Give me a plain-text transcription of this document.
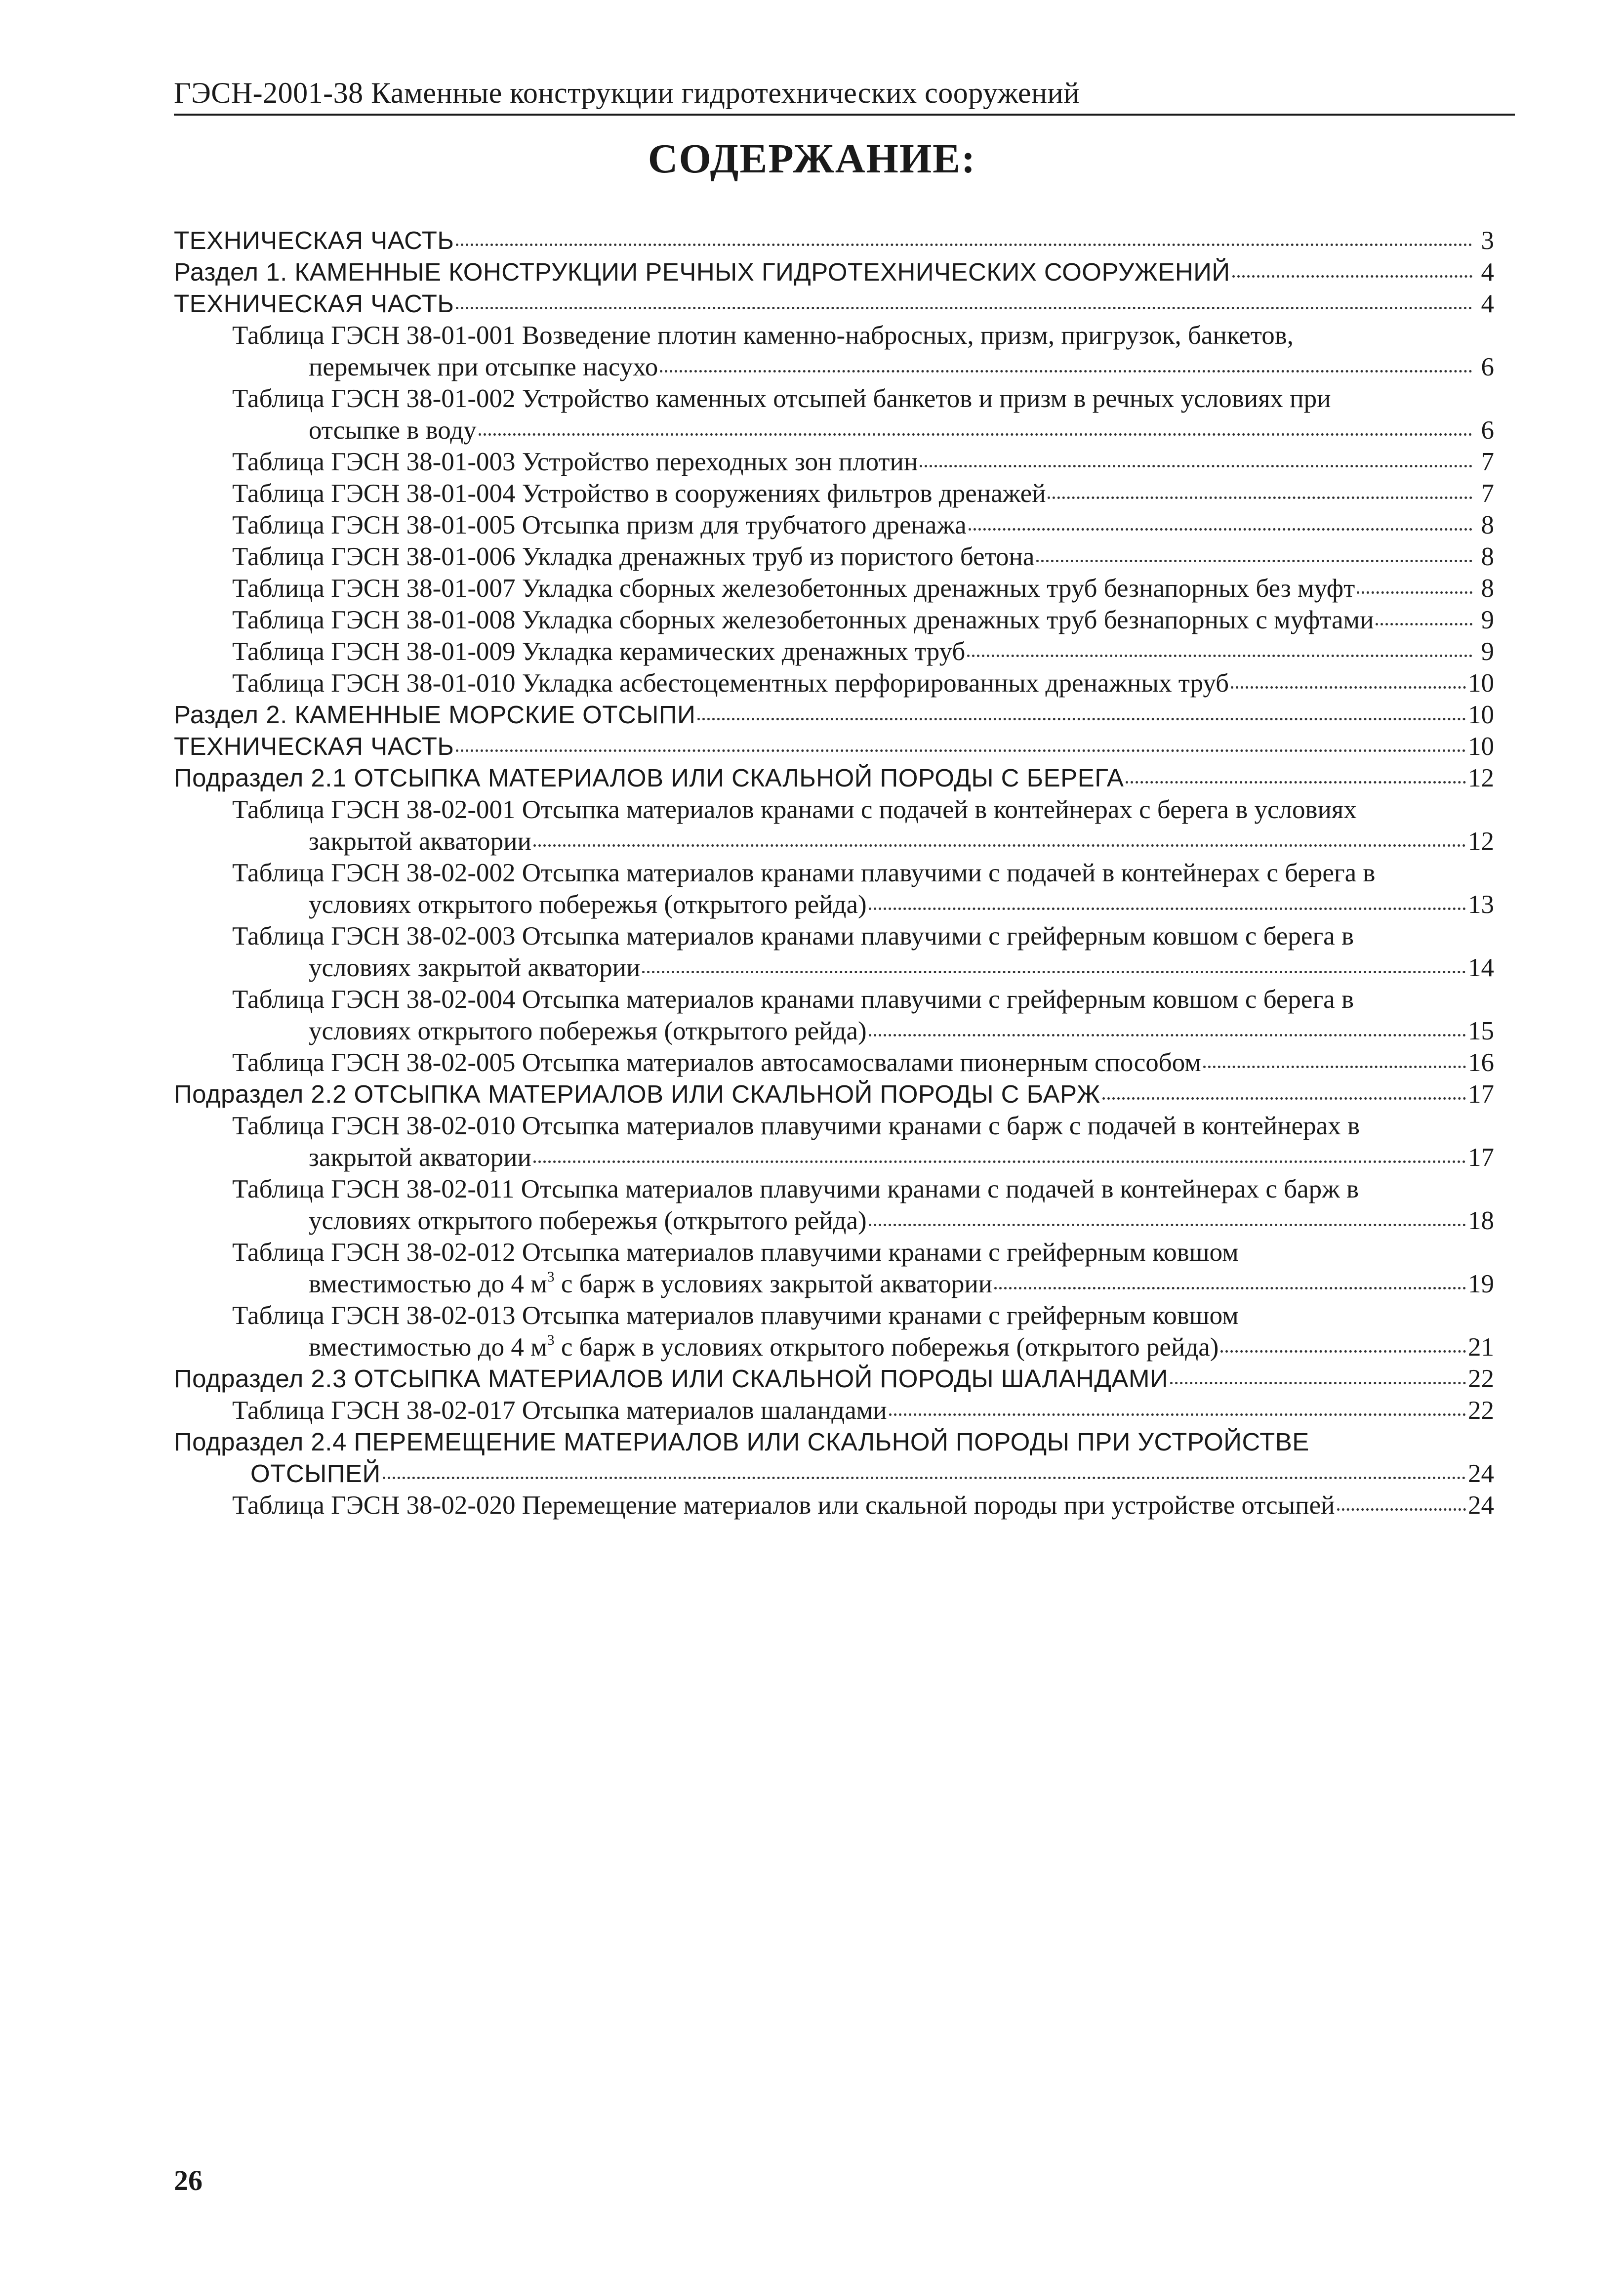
ГЭСН-2001-38 Каменные конструкции гидротехнических сооружений
СОДЕРЖАНИЕ:
ТЕХНИЧЕСКАЯ ЧАСТЬ	3
Раздел 1. КАМЕННЫЕ КОНСТРУКЦИИ РЕЧНЫХ ГИДРОТЕХНИЧЕСКИХ СООРУЖЕНИЙ	4
ТЕХНИЧЕСКАЯ ЧАСТЬ	4
Таблица ГЭСН 38-01-001 Возведение плотин каменно-набросных, призм, пригрузок, банкетов,
перемычек при отсыпке насухо	6
Таблица ГЭСН 38-01-002 Устройство каменных отсыпей банкетов и призм в речных условиях при
отсыпке в воду	6
Таблица ГЭСН 38-01-003 Устройство переходных зон плотин	7
Таблица ГЭСН 38-01-004 Устройство в сооружениях фильтров дренажей	7
Таблица ГЭСН 38-01-005 Отсыпка призм для трубчатого дренажа	8
Таблица ГЭСН 38-01-006 Укладка дренажных труб из пористого бетона	8
Таблица ГЭСН 38-01-007 Укладка сборных железобетонных дренажных труб безнапорных без муфт	8
Таблица ГЭСН 38-01-008 Укладка сборных железобетонных дренажных труб безнапорных с муфтами	9
Таблица ГЭСН 38-01-009 Укладка керамических дренажных труб	9
Таблица ГЭСН 38-01-010 Укладка асбестоцементных перфорированных дренажных труб	10
Раздел 2. КАМЕННЫЕ МОРСКИЕ ОТСЫПИ	10
ТЕХНИЧЕСКАЯ ЧАСТЬ	10
Подраздел 2.1 ОТСЫПКА МАТЕРИАЛОВ ИЛИ СКАЛЬНОЙ ПОРОДЫ С БЕРЕГА	12
Таблица ГЭСН 38-02-001 Отсыпка материалов кранами с подачей в контейнерах с берега в условиях
закрытой акватории	12
Таблица ГЭСН 38-02-002 Отсыпка материалов кранами плавучими с подачей в контейнерах с берега в
условиях открытого побережья (открытого рейда)	13
Таблица ГЭСН 38-02-003 Отсыпка материалов кранами плавучими с грейферным ковшом с берега в
условиях закрытой акватории	14
Таблица ГЭСН 38-02-004 Отсыпка материалов кранами плавучими с грейферным ковшом с берега в
условиях открытого побережья (открытого рейда)	15
Таблица ГЭСН 38-02-005 Отсыпка материалов автосамосвалами пионерным способом	16
Подраздел 2.2 ОТСЫПКА МАТЕРИАЛОВ ИЛИ СКАЛЬНОЙ ПОРОДЫ С БАРЖ	17
Таблица ГЭСН 38-02-010 Отсыпка материалов плавучими кранами с барж с подачей в контейнерах в
закрытой акватории	17
Таблица ГЭСН 38-02-011 Отсыпка материалов плавучими кранами с подачей в контейнерах с барж в
условиях открытого побережья (открытого рейда)	18
Таблица ГЭСН 38-02-012 Отсыпка материалов плавучими кранами с грейферным ковшом
вместимостью до 4 $м^3$ с барж в условиях закрытой акватории	19
Таблица ГЭСН 38-02-013 Отсыпка материалов плавучими кранами с грейферным ковшом
вместимостью до 4 $м^3$ с барж в условиях открытого побережья (открытого рейда)	21
Подраздел 2.3 ОТСЫПКА МАТЕРИАЛОВ ИЛИ СКАЛЬНОЙ ПОРОДЫ ШАЛАНДАМИ	22
Таблица ГЭСН 38-02-017 Отсыпка материалов шаландами	22
Подраздел 2.4 ПЕРЕМЕЩЕНИЕ МАТЕРИАЛОВ ИЛИ СКАЛЬНОЙ ПОРОДЫ ПРИ УСТРОЙСТВЕ
ОТСЫПЕЙ	24
Таблица ГЭСН 38-02-020 Перемещение материалов или скальной породы при устройстве отсыпей	24
26
